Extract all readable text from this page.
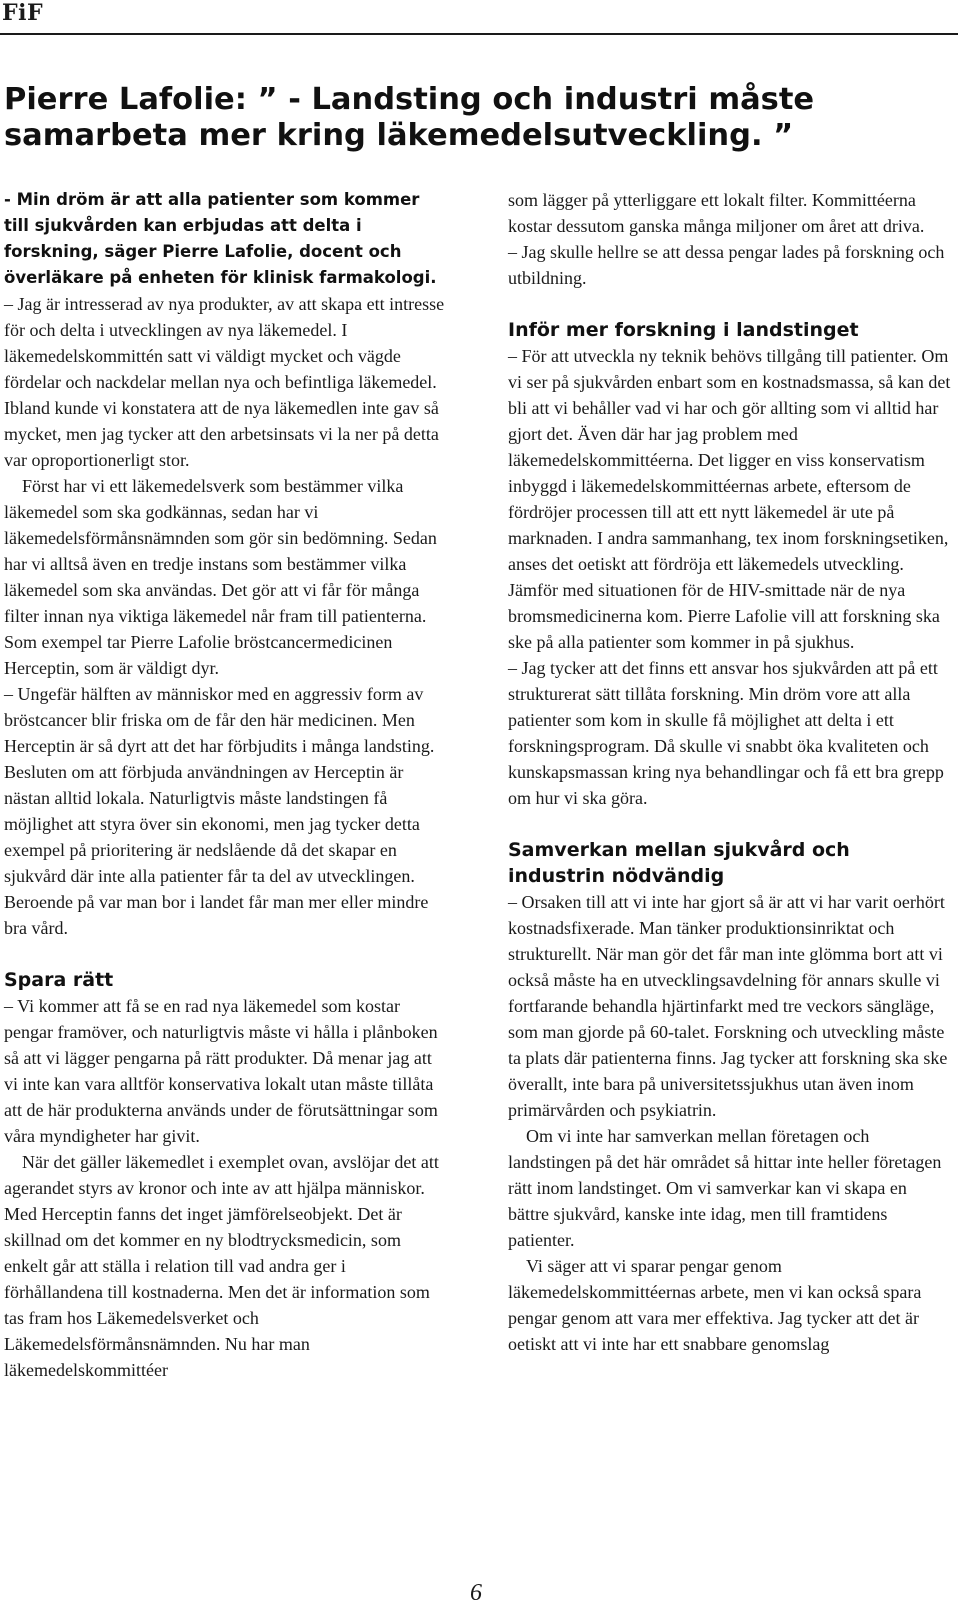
FiF
Pierre Lafolie: ” - Landsting och industri måste samarbeta mer kring läkemedelsutveckling. ”

- Min dröm är att alla patienter som kommer till sjukvården kan erbjudas att delta i forskning, säger Pierre Lafolie, docent och överläkare på enheten för klinisk farmakologi.

– Jag är intresserad av nya produkter, av att skapa ett intresse för och delta i utvecklingen av nya läkemedel. I läkemedelskommittén satt vi väldigt mycket och vägde fördelar och nackdelar mellan nya och befintliga läkemedel. Ibland kunde vi konstatera att de nya läkemedlen inte gav så mycket, men jag tycker att den arbetsinsats vi la ner på detta var oproportionerligt stor.

Först har vi ett läkemedelsverk som bestämmer vilka läkemedel som ska godkännas, sedan har vi läkemedelsförmånsnämnden som gör sin bedömning. Sedan har vi alltså även en tredje instans som bestämmer vilka läkemedel som ska användas. Det gör att vi får för många filter innan nya viktiga läkemedel når fram till patienterna.

Som exempel tar Pierre Lafolie bröstcancermedicinen Herceptin, som är väldigt dyr.

– Ungefär hälften av människor med en aggressiv form av bröstcancer blir friska om de får den här medicinen. Men Herceptin är så dyrt att det har förbjudits i många landsting. Besluten om att förbjuda användningen av Herceptin är nästan alltid lokala. Naturligtvis måste landstingen få möjlighet att styra över sin ekonomi, men jag tycker detta exempel på prioritering är nedslående då det skapar en sjukvård där inte alla patienter får ta del av utvecklingen. Beroende på var man bor i landet får man mer eller mindre bra vård.

Spara rätt

– Vi kommer att få se en rad nya läkemedel som kostar pengar framöver, och naturligtvis måste vi hålla i plånboken så att vi lägger pengarna på rätt produkter. Då menar jag att vi inte kan vara alltför konservativa lokalt utan måste tillåta att de här produkterna används under de förutsättningar som våra myndigheter har givit.

När det gäller läkemedlet i exemplet ovan, avslöjar det att agerandet styrs av kronor och inte av att hjälpa människor. Med Herceptin fanns det inget jämförelseobjekt. Det är skillnad om det kommer en ny blodtrycksmedicin, som enkelt går att ställa i relation till vad andra ger i förhållandena till kostnaderna. Men det är information som tas fram hos Läkemedelsverket och Läkemedelsförmånsnämnden. Nu har man läkemedelskommittéer

som lägger på ytterliggare ett lokalt filter. Kommittéerna kostar dessutom ganska många miljoner om året att driva.

– Jag skulle hellre se att dessa pengar lades på forskning och utbildning.

Inför mer forskning i landstinget

– För att utveckla ny teknik behövs tillgång till patienter. Om vi ser på sjukvården enbart som en kostnadsmassa, så kan det bli att vi behåller vad vi har och gör allting som vi alltid har gjort det. Även där har jag problem med läkemedelskommittéerna. Det ligger en viss konservatism inbyggd i läkemedelskommittéernas arbete, eftersom de fördröjer processen till att ett nytt läkemedel är ute på marknaden. I andra sammanhang, tex inom forskningsetiken, anses det oetiskt att fördröja ett läkemedels utveckling. Jämför med situationen för de HIV-smittade när de nya bromsmedicinerna kom. Pierre Lafolie vill att forskning ska ske på alla patienter som kommer in på sjukhus.

– Jag tycker att det finns ett ansvar hos sjukvården att på ett strukturerat sätt tillåta forskning. Min dröm vore att alla patienter som kom in skulle få möjlighet att delta i ett forskningsprogram. Då skulle vi snabbt öka kvaliteten och kunskapsmassan kring nya behandlingar och få ett bra grepp om hur vi ska göra.

Samverkan mellan sjukvård och industrin nödvändig

– Orsaken till att vi inte har gjort så är att vi har varit oerhört kostnadsfixerade. Man tänker produktionsinriktat och strukturellt. När man gör det får man inte glömma bort att vi också måste ha en utvecklingsavdelning för annars skulle vi fortfarande behandla hjärtinfarkt med tre veckors sängläge, som man gjorde på 60-talet. Forskning och utveckling måste ta plats där patienterna finns. Jag tycker att forskning ska ske överallt, inte bara på universitetssjukhus utan även inom primärvården och psykiatrin.

Om vi inte har samverkan mellan företagen och landstingen på det här området så hittar inte heller företagen rätt inom landstinget. Om vi samverkar kan vi skapa en bättre sjukvård, kanske inte idag, men till framtidens patienter.

Vi säger att vi sparar pengar genom läkemedelskommittéernas arbete, men vi kan också spara pengar genom att vara mer effektiva. Jag tycker att det är oetiskt att vi inte har ett snabbare genomslag

6
